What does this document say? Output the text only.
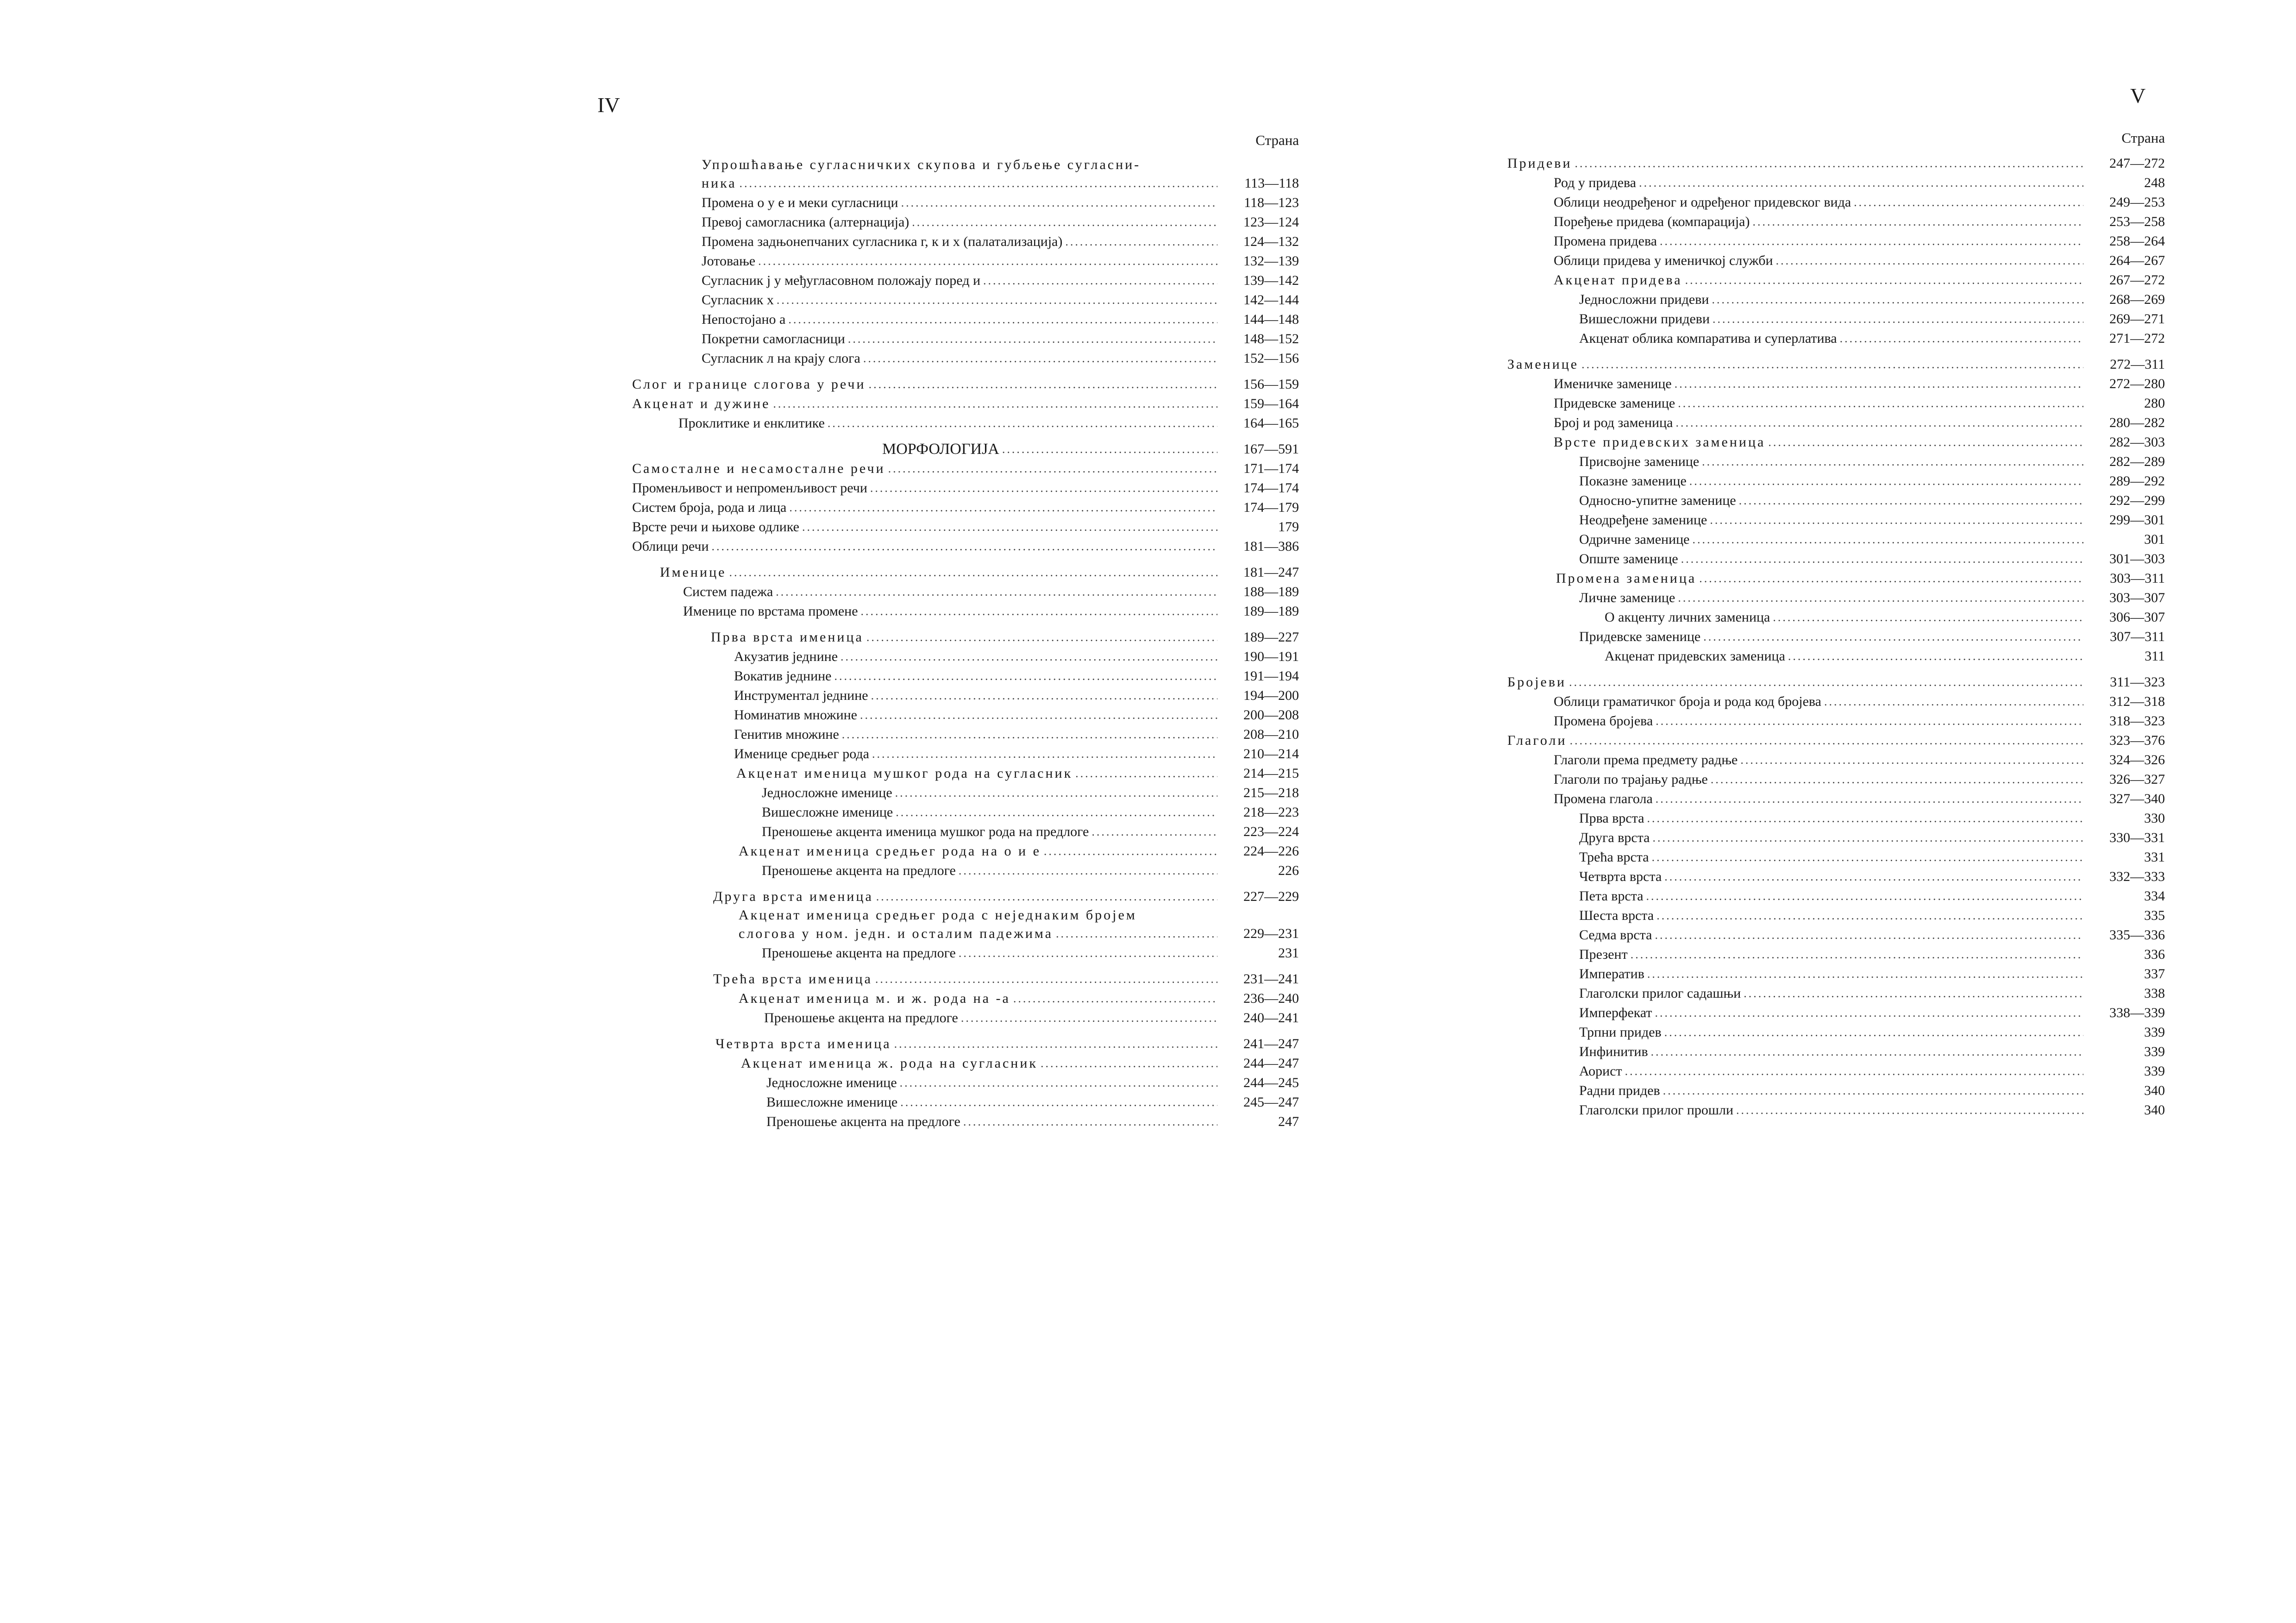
IV
Страна
Упрошћавање сугласничких скупова и губљење сугласни-
ника .....	113—118
Промена о у е и меки сугласници .....	118—123
Превој самогласника (алтернација) .....	123—124
Промена задњонепчаних сугласника г, к и х (палатализација) .....	124—132
Јотовање .....	132—139
Сугласник ј у међугласовном положају поред и .....	139—142
Сугласник х .....	142—144
Непостојано а .....	144—148
Покретни самогласници .....	148—152
Сугласник л на крају слога .....	152—156
Слог и границе слогова у речи .....	156—159
Акценат и дужине .....	159—164
Проклитике и енклитике .....	164—165
МОРФОЛОГИЈА .....	167—591
Самосталне и несамосталне речи .....	171—174
Променљивост и непроменљивост речи .....	174—174
Систем броја, рода и лица .....	174—179
Врсте речи и њихове одлике .....	179
Облици речи .....	181—386
Именице .....	181—247
Систем падежа .....	188—189
Именице по врстама промене .....	189—189
Прва врста именица .....	189—227
Акузатив једнине .....	190—191
Вокатив једнине .....	191—194
Инструментал једнине .....	194—200
Номинатив множине .....	200—208
Генитив множине .....	208—210
Именице средњег рода .....	210—214
Акценат именица мушког рода на сугласник .....	214—215
Једносложне именице .....	215—218
Вишесложне именице .....	218—223
Преношење акцента именица мушког рода на предлоге .....	223—224
Акценат именица средњег рода на о и е .....	224—226
Преношење акцента на предлоге .....	226
Друга врста именица .....	227—229
Акценат именица средњег рода с неједнаким бројем
слогова у ном. једн. и осталим падежима .....	229—231
Преношење акцента на предлоге .....	231
Трећа врста именица .....	231—241
Акценат именица м. и ж. рода на -а .....	236—240
Преношење акцента на предлоге .....	240—241
Четврта врста именица .....	241—247
Акценат именица ж. рода на сугласник .....	244—247
Једносложне именице .....	244—245
Вишесложне именице .....	245—247
Преношење акцента на предлоге .....	247
V
Страна
Придеви .....	247—272
Род у придева .....	248
Облици неодређеног и одређеног придевског вида .....	249—253
Поређење придева (компарација) .....	253—258
Промена придева .....	258—264
Облици придева у именичкој служби .....	264—267
Акценат придева .....	267—272
Једносложни придеви .....	268—269
Вишесложни придеви .....	269—271
Акценат облика компаратива и суперлатива .....	271—272
Заменице .....	272—311
Именичке заменице .....	272—280
Придевске заменице .....	280
Број и род заменица .....	280—282
Врсте придевских заменица .....	282—303
Присвојне заменице .....	282—289
Показне заменице .....	289—292
Односно-упитне заменице .....	292—299
Неодређене заменице .....	299—301
Одричне заменице .....	301
Опште заменице .....	301—303
Промена заменица .....	303—311
Личне заменице .....	303—307
О акценту личних заменица .....	306—307
Придевске заменице .....	307—311
Акценат придевских заменица .....	311
Бројеви .....	311—323
Облици граматичког броја и рода код бројева .....	312—318
Промена бројева .....	318—323
Глаголи .....	323—376
Глаголи према предмету радње .....	324—326
Глаголи по трајању радње .....	326—327
Промена глагола .....	327—340
Прва врста .....	330
Друга врста .....	330—331
Трећа врста .....	331
Четврта врста .....	332—333
Пета врста .....	334
Шеста врста .....	335
Седма врста .....	335—336
Презент .....	336
Императив .....	337
Глаголски прилог садашњи .....	338
Имперфекат .....	338—339
Трпни придев .....	339
Инфинитив .....	339
Аорист .....	339
Радни придев .....	340
Глаголски прилог прошли .....	340
